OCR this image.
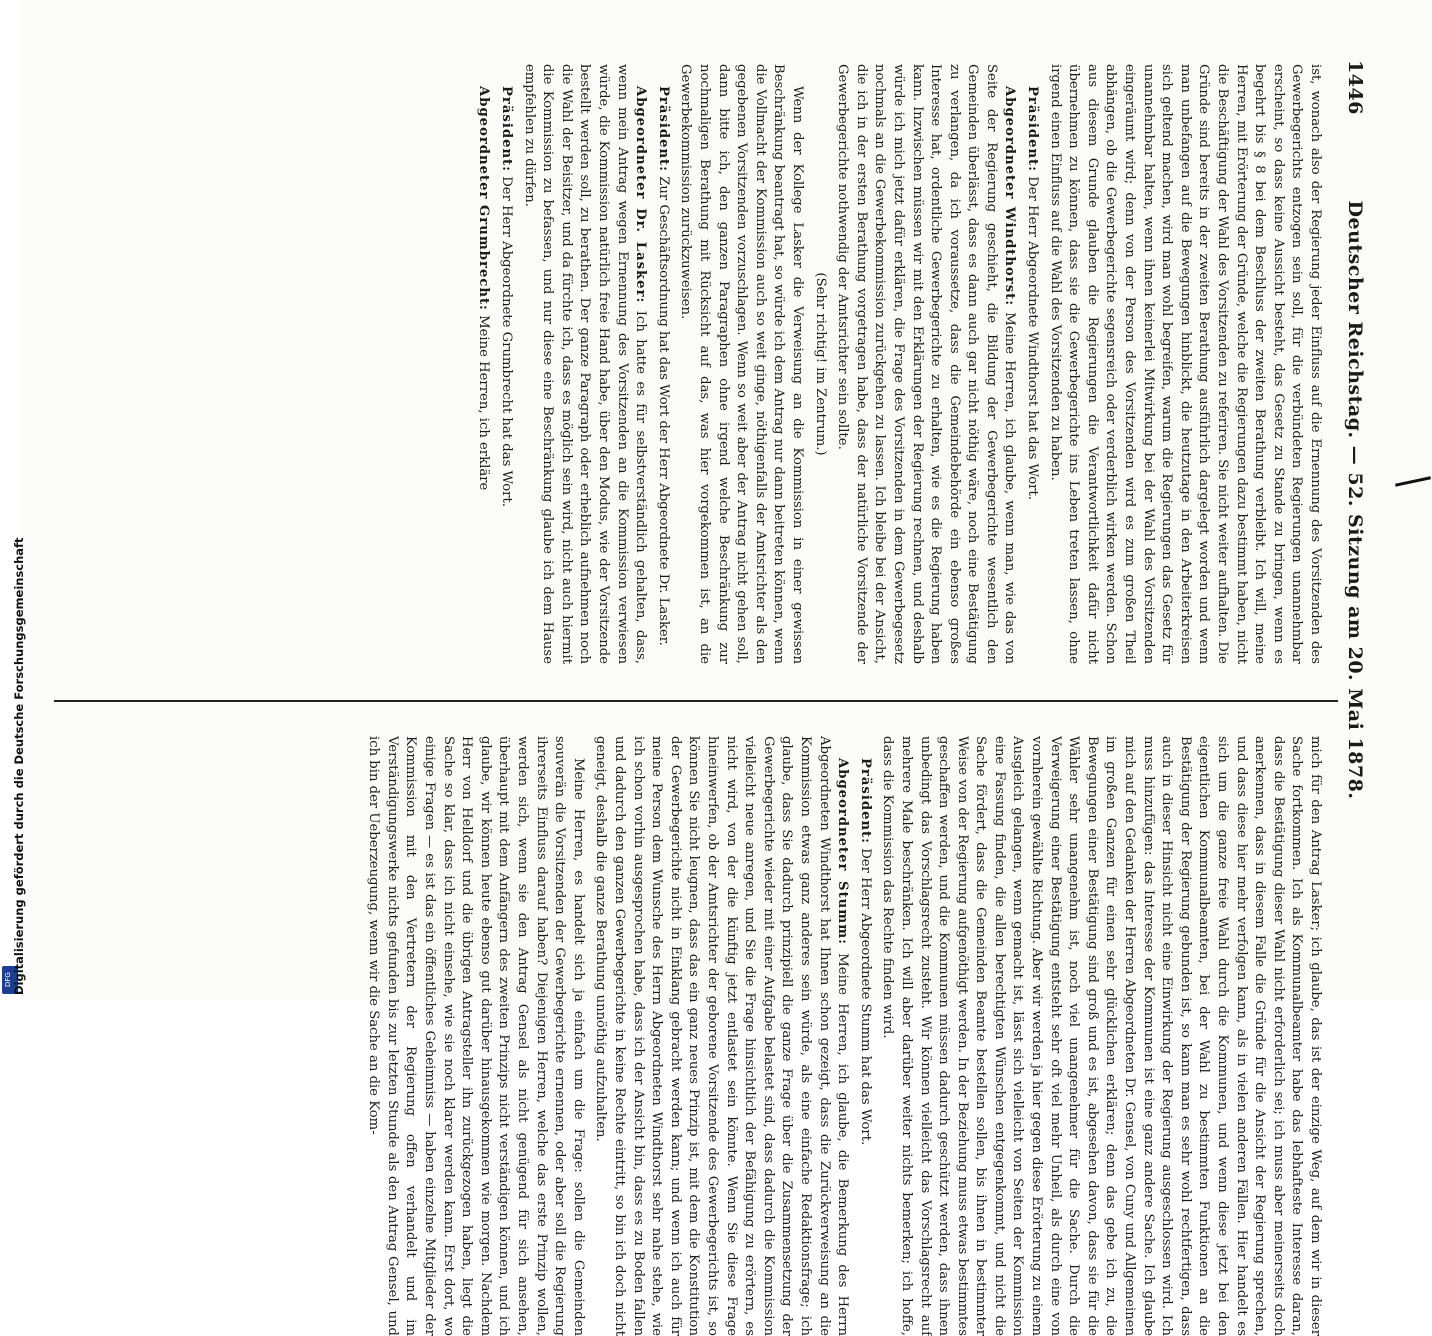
DFG Digitalisierung gefördert durch die Deutsche Forschungsgemeinschaft
1446
Deutscher Reichstag. — 52. Sitzung am 20. Mai 1878.

ist, wonach also der Regierung jeder Einfluss auf die Ernennung des Vorsitzenden des Gewerbegerichts entzogen sein soll, für die verbündeten Regierungen unannehmbar erscheint, so dass keine Aussicht besteht, das Gesetz zu Stande zu bringen, wenn es begehrt bis § 8 bei dem Beschluss der zweiten Berathung verbleibt. Ich will, meine Herren, mit Erörterung der Gründe, welche die Regierungen dazu bestimmt haben, nicht die Beschäftigung der Wahl des Vorsitzenden zu referiren. Sie nicht weiter aufhalten. Die Gründe sind bereits in der zweiten Berathung ausführlich dargelegt worden und wenn man unbefangen auf die Bewegungen hinblickt, die heutzutage in den Arbeiterkreisen sich geltend machen, wird man wohl begreifen, warum die Regierungen das Gesetz für unannehmbar halten, wenn ihnen keinerlei Mitwirkung bei der Wahl des Vorsitzenden eingeräumt wird; denn von der Person des Vorsitzenden wird es zum großen Theil abhängen, ob die Gewerbegerichte segensreich oder verderblich wirken werden. Schon aus diesem Grunde glauben die Regierungen die Verantwortlichkeit dafür nicht übernehmen zu können, dass sie die Gewerbegerichte ins Leben treten lassen, ohne irgend einen Einfluss auf die Wahl des Vorsitzenden zu haben.

Präsident: Der Herr Abgeordnete Windthorst hat das Wort.

Abgeordneter Windthorst: Meine Herren, ich glaube, wenn man, wie das von Seite der Regierung geschieht, die Bildung der Gewerbegerichte wesentlich den Gemeinden überlässt, dass es dann auch gar nicht nöthig wäre, noch eine Bestätigung zu verlangen, da ich voraussetze, dass die Gemeindebehörde ein ebenso großes Interesse hat, ordentliche Gewerbegerichte zu erhalten, wie es die Regierung haben kann. Inzwischen müssen wir mit den Erklärungen der Regierung rechnen, und deshalb würde ich mich jetzt dafür erklären, die Frage des Vorsitzenden in dem Gewerbegesetz nochmals an die Gewerbekommission zurückgehen zu lassen. Ich bleibe bei der Ansicht, die ich in der ersten Berathung vorgetragen habe, dass der natürliche Vorsitzende der Gewerbegerichte nothwendig der Amtsrichter sein sollte.

(Sehr richtig! im Zentrum.)

Wenn der Kollege Lasker die Verweisung an die Kommission in einer gewissen Beschränkung beantragt hat, so würde ich dem Antrag nur dann beitreten können, wenn die Vollmacht der Kommission auch so weit ginge, nöthigenfalls der Amtsrichter als den gegebenen Vorsitzenden vorzuschlagen. Wenn so weit aber der Antrag nicht gehen soll, dann bitte ich, den ganzen Paragraphen ohne irgend welche Beschränkung zur nochmaligen Berathung mit Rücksicht auf das, was hier vorgekommen ist, an die Gewerbekommission zurückzuweisen.

Präsident: Zur Geschäftsordnung hat das Wort der Herr Abgeordnete Dr. Lasker.

Abgeordneter Dr. Lasker: Ich hatte es für selbstverständlich gehalten, dass, wenn mein Antrag wegen Ernennung des Vorsitzenden an die Kommission verwiesen würde, die Kommission natürlich freie Hand habe, über den Modus, wie der Vorsitzende bestellt werden soll, zu berathen. Der ganze Paragraph oder erheblich aufnehmen noch die Wahl der Beisitzer, und da fürchte ich, dass es möglich sein wird, nicht auch hiermit die Kommission zu befassen, und nur diese eine Beschränkung glaube ich dem Hause empfehlen zu dürfen.

Präsident: Der Herr Abgeordnete Grumbrecht hat das Wort.

Abgeordneter Grumbrecht: Meine Herren, ich erkläre

mich für den Antrag Lasker; ich glaube, das ist der einzige Weg, auf dem wir in dieser Sache fortkommen. Ich als Kommunalbeamter habe das lebhafteste Interesse daran, dass die Bestätigung dieser Wahl nicht erforderlich sei; ich muss aber meinerseits doch anerkennen, dass in diesem Falle die Gründe für die Ansicht der Regierung sprechen, und dass diese hier mehr verfolgen kann, als in vielen anderen Fällen. Hier handelt es sich um die ganze freie Wahl durch die Kommunen, und wenn diese jetzt bei den eigentlichen Kommunalbeamten, bei der Wahl zu bestimmten Funktionen an die Bestätigung der Regierung gebunden ist, so kann man es sehr wohl rechtfertigen, dass auch in dieser Hinsicht nicht eine Einwirkung der Regierung ausgeschlossen wird. Ich muss hinzufügen: das Interesse der Kommunen ist eine ganz andere Sache. Ich glaube mich auf den Gedanken der Herren Abgeordneten Dr. Gensel, von Cuny und Allgemeinen im großen Ganzen für einen sehr glücklichen erklären; denn das gebe ich zu, die Bewegungen einer Bestätigung sind groß und es ist, abgesehen davon, dass sie für die Wähler sehr unangenehm ist, noch viel unangenehmer für die Sache. Durch die Verweigerung einer Bestätigung entsteht sehr oft viel mehr Unheil, als durch eine von vornherein gewählte Richtung. Aber wir werden ja hier gegen diese Erörterung zu einem Ausgleich gelangen, wenn gemacht ist, lässt sich vielleicht von Seiten der Kommission eine Fassung finden, die allen berechtigten Wünschen entgegenkommt, und nicht die Sache fördert, dass die Gemeinden Beamte bestellen sollen, bis ihnen in bestimmter Weise von der Regierung aufgenöthigt werden. In der Beziehung muss etwas bestimmtes geschaffen werden, und die Kommunen müssen dadurch geschützt werden, dass ihnen unbedingt das Vorschlagsrecht zusteht. Wir können vielleicht das Vorschlagsrecht auf mehrere Male beschränken. Ich will aber darüber weiter nichts bemerken; ich hoffe, dass die Kommission das Rechte finden wird.

Präsident: Der Herr Abgeordnete Stumm hat das Wort.

Abgeordneter Stumm: Meine Herren, ich glaube, die Bemerkung des Herrn Abgeordneten Windthorst hat Ihnen schon gezeigt, dass die Zurückverweisung an die Kommission etwas ganz anderes sein würde, als eine einfache Redaktionsfrage; ich glaube, dass Sie dadurch prinzipiell die ganze Frage über die Zusammensetzung der Gewerbegerichte wieder mit einer Aufgabe belastet sind, dass dadurch die Kommission vielleicht neue anregen, und Sie die Frage hinsichtlich der Befähigung zu erörtern, es nicht wird, von der die künftig jetzt entlastet sein könnte. Wenn Sie diese Frage hineinwerfen, ob der Amtsrichter der geborene Vorsitzende des Gewerbegerichts ist, so können Sie nicht leugnen, dass das ein ganz neues Prinzip ist, mit dem die Konstitution der Gewerbegerichte nicht in Einklang gebracht werden kann; und wenn ich auch für meine Person dem Wunsche des Herrn Abgeordneten Windthorst sehr nahe stehe, wie ich schon vorhin ausgesprochen habe, dass ich der Ansicht bin, dass es zu Boden fallen und dadurch den ganzen Gewerbegerichte in keine Rechte eintritt, so bin ich doch nicht geneigt, deshalb die ganze Berathung unnöthig aufzuhalten.

Meine Herren, es handelt sich ja einfach um die Frage: sollen die Gemeinden souverän die Vorsitzenden der Gewerbegerichte ernennen, oder aber soll die Regierung ihrerseits Einfluss darauf haben? Diejenigen Herren, welche das erste Prinzip wollen, werden sich, wenn sie den Antrag Gensel als nicht genügend für sich ansehen, überhaupt mit dem Anfängern des zweiten Prinzips nicht verständigen können, und ich glaube, wir können heute ebenso gut darüber hinausgekommen wie morgen. Nachdem Herr von Helldorf und die übrigen Antragsteller ihn zurückgezogen haben, liegt die Sache so klar, dass ich nicht einsehe, wie sie noch klarer werden kann. Erst dort, wo einige Fragen — es ist das ein öffentliches Geheimniss — haben einzelne Mitglieder der Kommission mit den Vertretern der Regierung offen verhandelt und im Verständigungswerke nichts gefunden bis zur letzten Stunde als den Antrag Gensel, und ich bin der Ueberzeugung, wenn wir die Sache an die Kom-
